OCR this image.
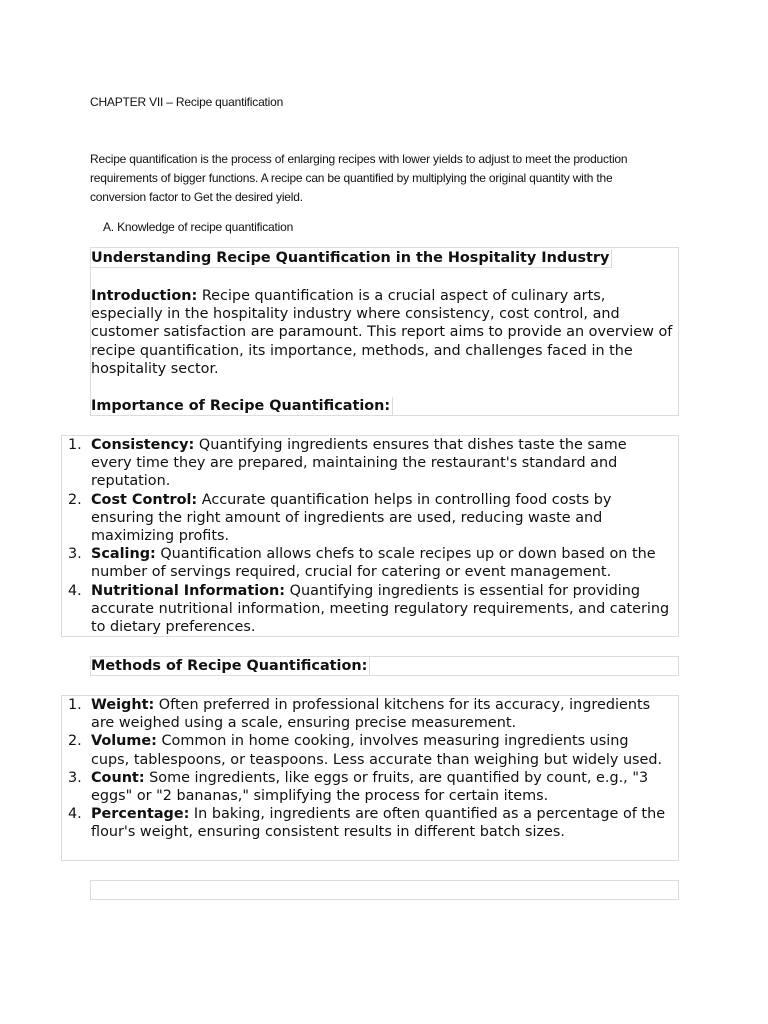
CHAPTER VII – Recipe quantification
Recipe quantification is the process of enlarging recipes with lower yields to adjust to meet the production requirements of bigger functions. A recipe can be quantified by multiplying the original quantity with the conversion factor to Get the desired yield.
A. Knowledge of recipe quantification
Understanding Recipe Quantification in the Hospitality Industry
Introduction: Recipe quantification is a crucial aspect of culinary arts, especially in the hospitality industry where consistency, cost control, and customer satisfaction are paramount. This report aims to provide an overview of recipe quantification, its importance, methods, and challenges faced in the hospitality sector.
Importance of Recipe Quantification:
1. Consistency: Quantifying ingredients ensures that dishes taste the same every time they are prepared, maintaining the restaurant's standard and reputation.
2. Cost Control: Accurate quantification helps in controlling food costs by ensuring the right amount of ingredients are used, reducing waste and maximizing profits.
3. Scaling: Quantification allows chefs to scale recipes up or down based on the number of servings required, crucial for catering or event management.
4. Nutritional Information: Quantifying ingredients is essential for providing accurate nutritional information, meeting regulatory requirements, and catering to dietary preferences.
Methods of Recipe Quantification:
1. Weight: Often preferred in professional kitchens for its accuracy, ingredients are weighed using a scale, ensuring precise measurement.
2. Volume: Common in home cooking, involves measuring ingredients using cups, tablespoons, or teaspoons. Less accurate than weighing but widely used.
3. Count: Some ingredients, like eggs or fruits, are quantified by count, e.g., "3 eggs" or "2 bananas," simplifying the process for certain items.
4. Percentage: In baking, ingredients are often quantified as a percentage of the flour's weight, ensuring consistent results in different batch sizes.
